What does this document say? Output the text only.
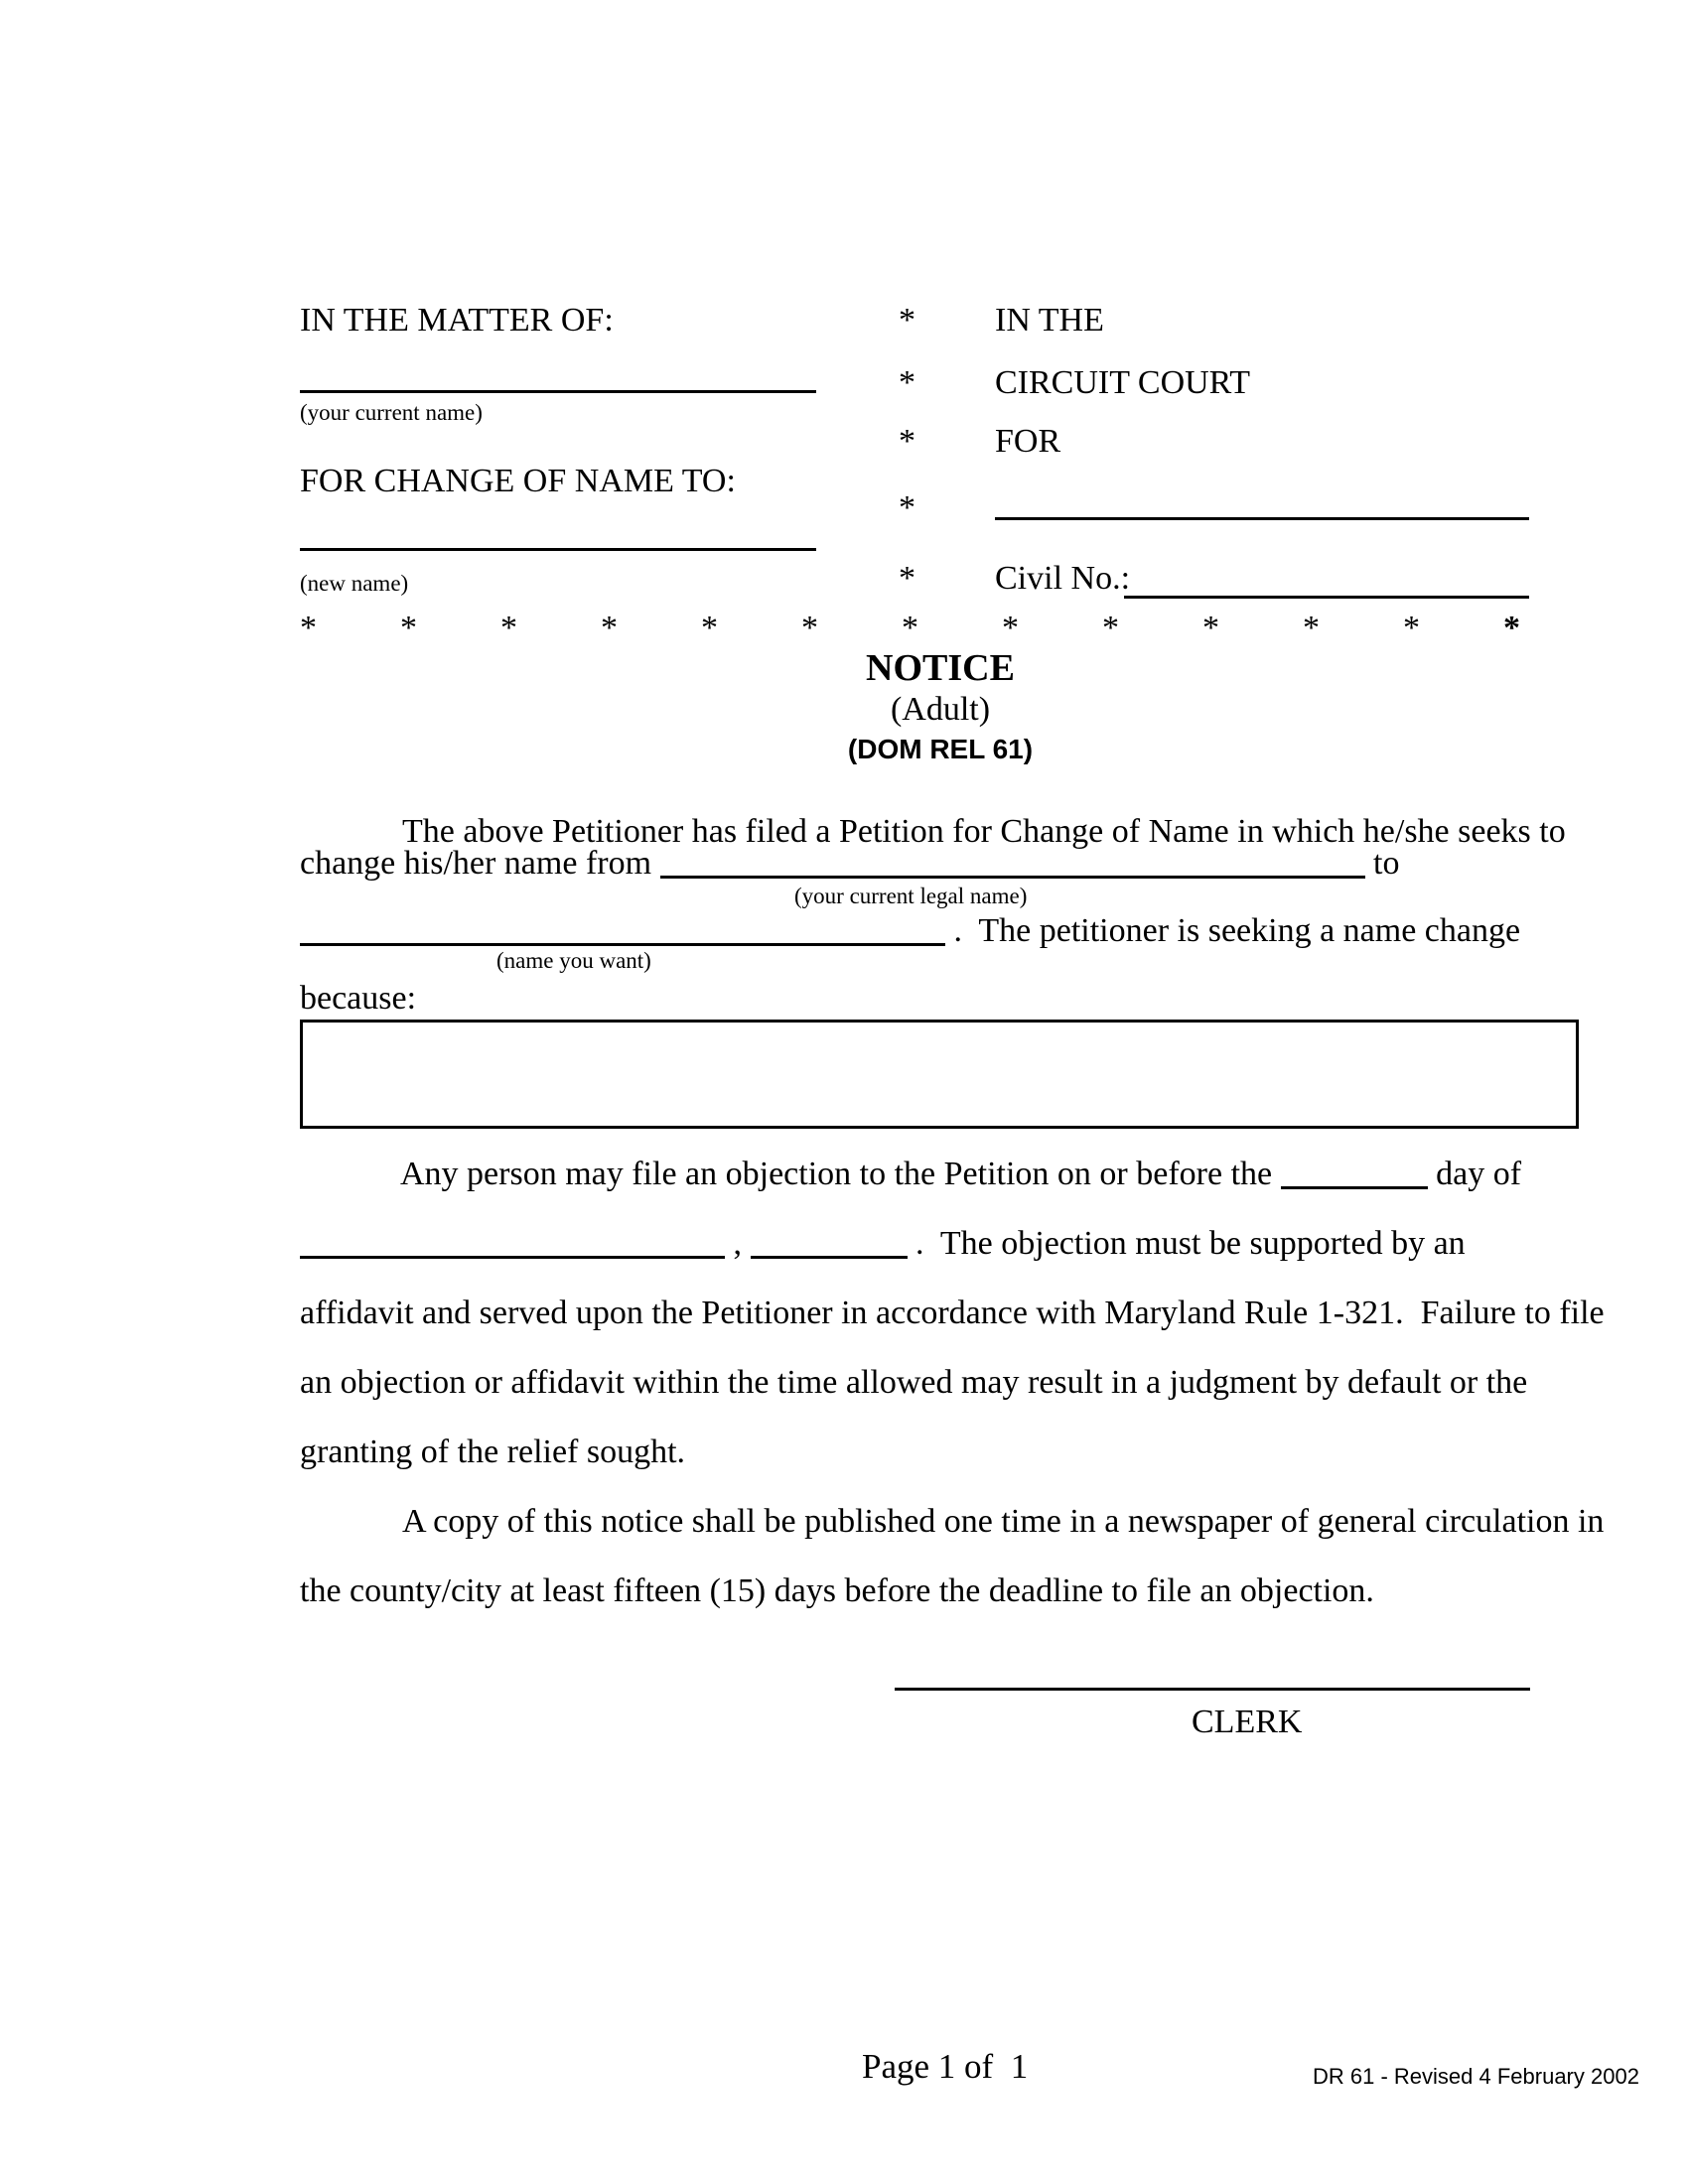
IN THE MATTER OF:
(your current name)
FOR CHANGE OF NAME TO:
(new name)
*
*
*
*
*
IN THE
CIRCUIT COURT
FOR
Civil No.:
*************
NOTICE
(Adult)
(DOM REL 61)
The above Petitioner has filed a Petition for Change of Name in which he/she seeks to
change his/her name from	to
(your current legal name)
.  The petitioner is seeking a name change
(name you want)
because:
Any person may file an objection to the Petition on or before the	day of
,	.  The objection must be supported by an
affidavit and served upon the Petitioner in accordance with Maryland Rule 1-321.  Failure to file
an objection or affidavit within the time allowed may result in a judgment by default or the
granting of the relief sought.
A copy of this notice shall be published one time in a newspaper of general circulation in
the county/city at least fifteen (15) days before the deadline to file an objection.
CLERK
Page 1 of  1	DR 61 - Revised 4 February 2002
